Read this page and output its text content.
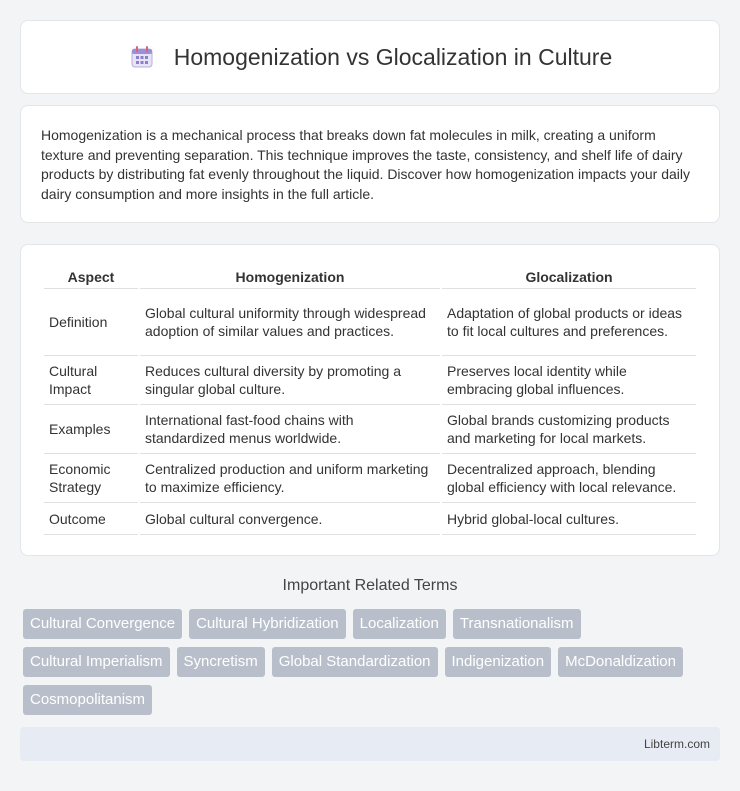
Homogenization vs Glocalization in Culture

Homogenization is a mechanical process that breaks down fat molecules in milk, creating a uniform texture and preventing separation. This technique improves the taste, consistency, and shelf life of dairy products by distributing fat evenly throughout the liquid. Discover how homogenization impacts your daily dairy consumption and more insights in the full article.

Aspect	Homogenization	Glocalization
Definition	Global cultural uniformity through widespread adoption of similar values and practices.	Adaptation of global products or ideas to fit local cultures and preferences.
Cultural Impact	Reduces cultural diversity by promoting a singular global culture.	Preserves local identity while embracing global influences.
Examples	International fast-food chains with standardized menus worldwide.	Global brands customizing products and marketing for local markets.
Economic Strategy	Centralized production and uniform marketing to maximize efficiency.	Decentralized approach, blending global efficiency with local relevance.
Outcome	Global cultural convergence.	Hybrid global-local cultures.
Important Related Terms
Cultural Convergence	Cultural Hybridization	Localization	Transnationalism
Cultural Imperialism	Syncretism	Global Standardization	Indigenization	McDonaldization
Cosmopolitanism
Libterm.com
